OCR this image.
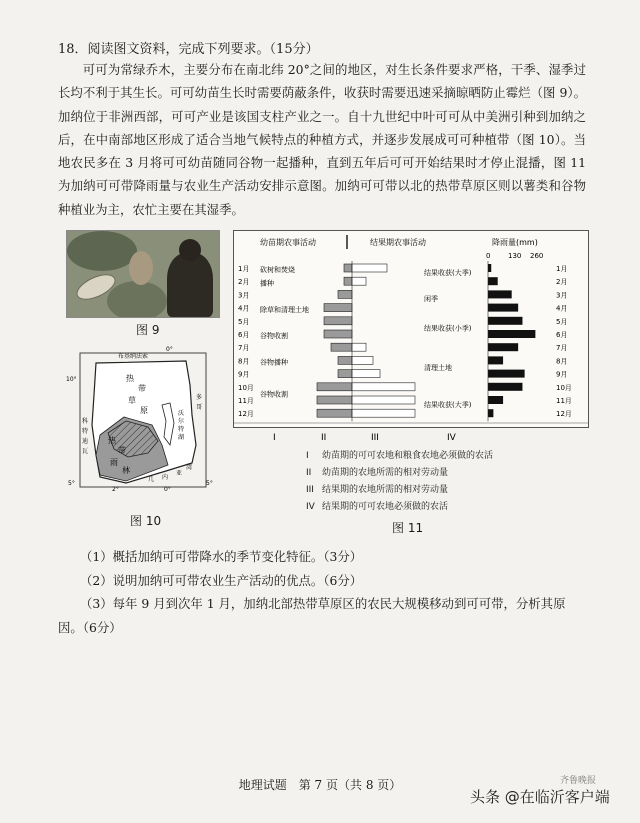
18．阅读图文资料，完成下列要求。（15分）

可可为常绿乔木，主要分布在南北纬 20°之间的地区，对生长条件要求严格，干季、湿季过长均不利于其生长。可可幼苗生长时需要荫蔽条件，收获时需要迅速采摘晾晒防止霉烂（图 9）。加纳位于非洲西部，可可产业是该国支柱产业之一。自十九世纪中叶可可从中美洲引种到加纳之后，在中南部地区形成了适合当地气候特点的种植方式，并逐步发展成可可种植带（图 10）。当地农民多在 3 月将可可幼苗随同谷物一起播种，直到五年后可可开始结果时才停止混播，图 11 为加纳可可带降雨量与农业生产活动安排示意图。加纳可可带以北的热带草原区则以薯类和谷物种植业为主，农忙主要在其湿季。

图 9
布基纳法索
10°
0°
2°	0°
5°	5°
热
带
草
原
热
带
雨
林
科
特
迪
瓦
多
哥
几 内
亚
湾
沃
尔
特
湖
图 10
幼苗期农事活动	结果期农事活动	降雨量(mm)
0	130 260
1月	1月
2月	2月
3月	3月
4月	4月
5月	5月
6月	6月
7月	7月
8月	8月
9月	9月
10月	10月
11月	11月
12月	12月
砍树和焚烧
播种
除草和清理土地
谷物收割
谷物播种
谷物收割
结果收获(大季)
闲季
结果收获(小季)
清理土地
结果收获(大季)
I	II	III	IV
I 幼苗期的可可农地和粮食农地必须做的农活
II 幼苗期的农地所需的相对劳动量
III 结果期的农地所需的相对劳动量
IV 结果期的可可农地必须做的农活
图 11
（1）概括加纳可可带降水的季节变化特征。（3分）
（2）说明加纳可可带农业生产活动的优点。（6分）
（3）每年 9 月到次年 1 月，加纳北部热带草原区的农民大规模移动到可可带，分析其原
因。（6分）
地理试题　第 7 页（共 8 页）	齐鲁晚报
头条 @在临沂客户端
